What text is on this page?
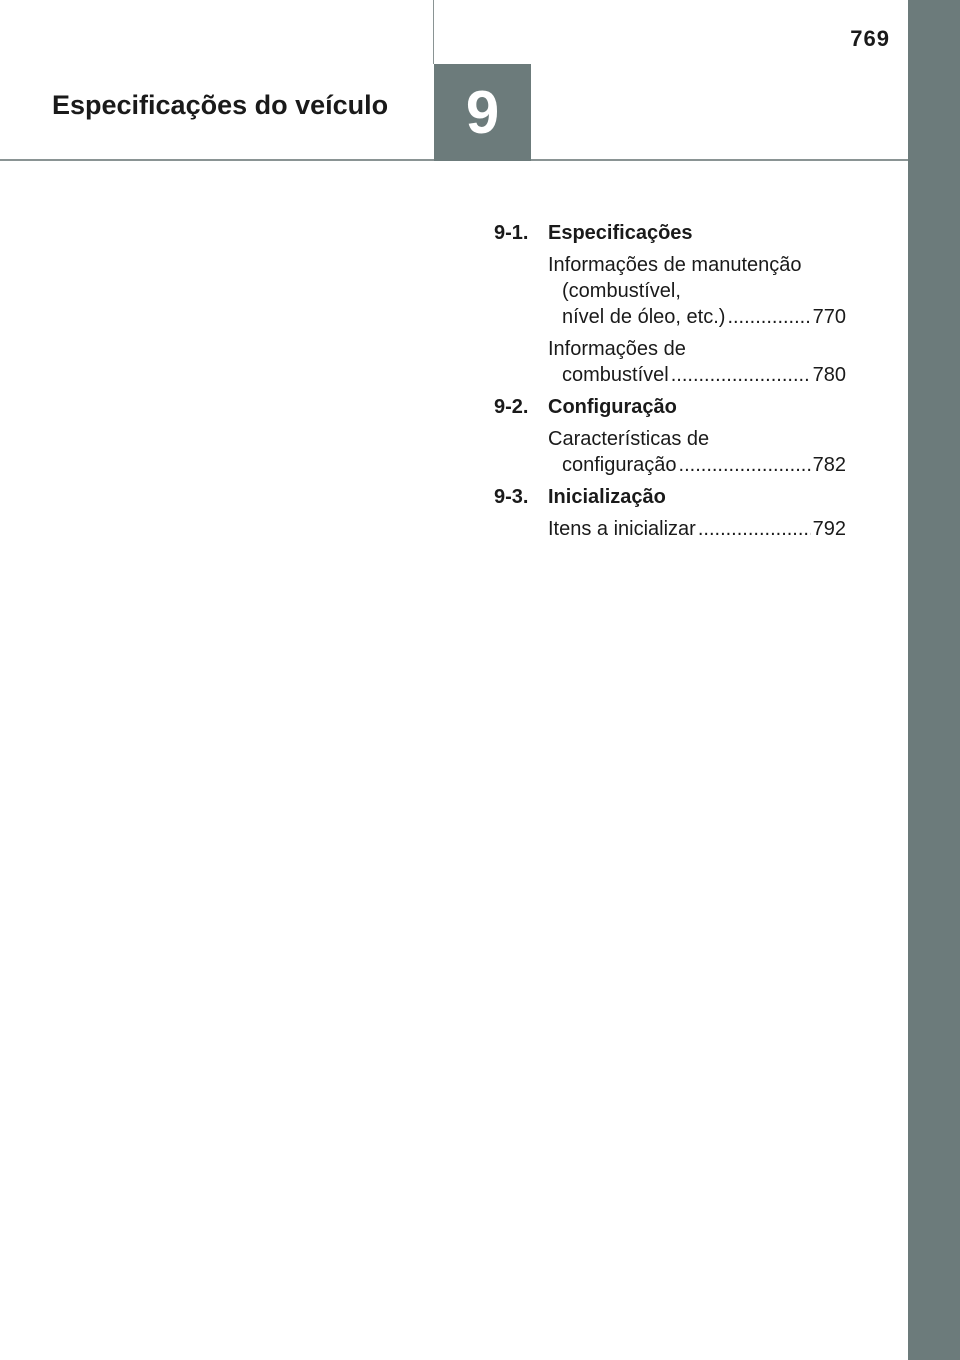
769
Especificações do veículo	9
9-1. Especificações
Informações de manutenção
(combustível,
nível de óleo, etc.) .....	770
Informações de
combustível .....	780
9-2. Configuração
Características de
configuração .....	782
9-3. Inicialização
Itens a inicializar .....	792
